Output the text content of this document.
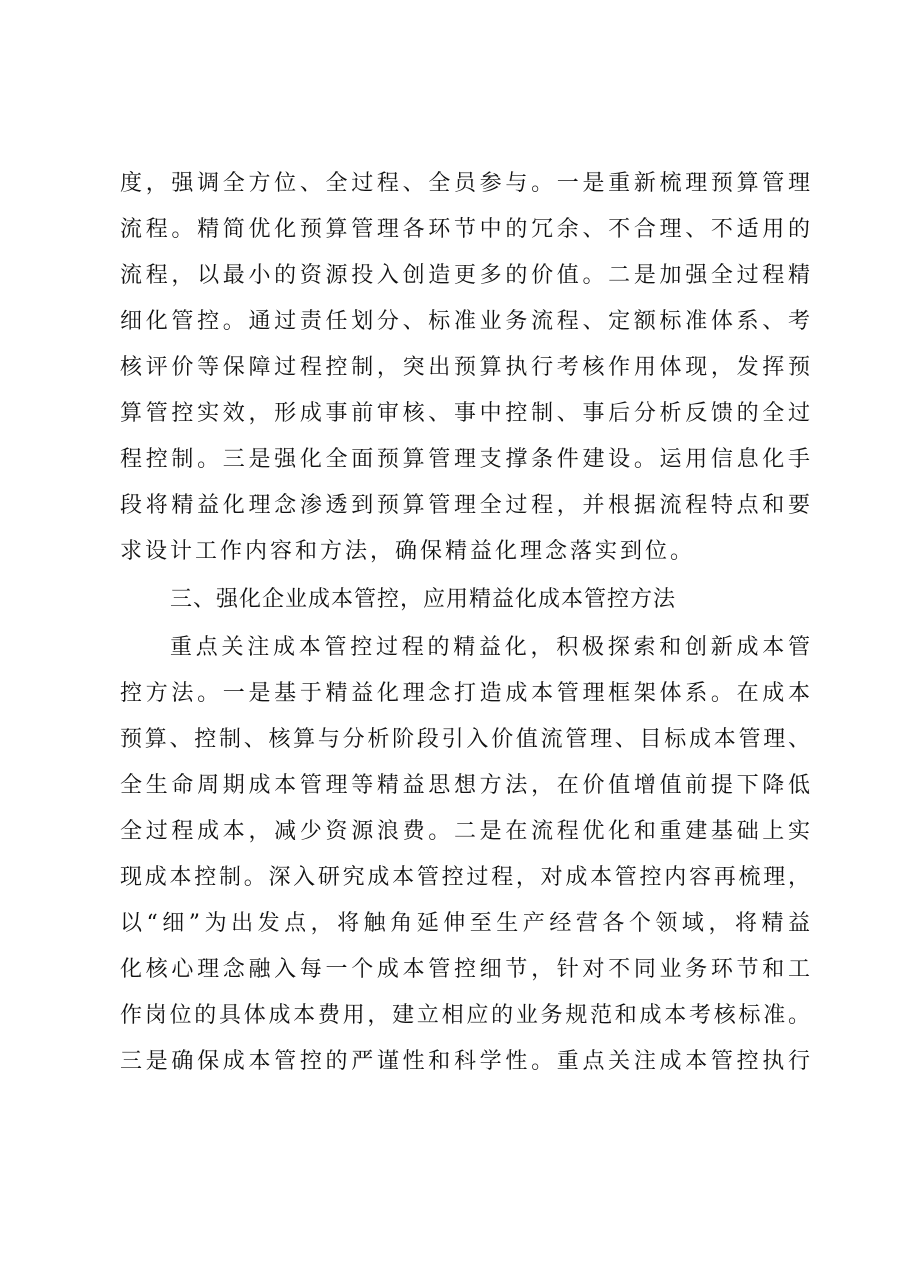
度，强调全方位、全过程、全员参与。一是重新梳理预算管理
流程。精简优化预算管理各环节中的冗余、不合理、不适用的
流程，以最小的资源投入创造更多的价值。二是加强全过程精
细化管控。通过责任划分、标准业务流程、定额标准体系、考
核评价等保障过程控制，突出预算执行考核作用体现，发挥预
算管控实效，形成事前审核、事中控制、事后分析反馈的全过
程控制。三是强化全面预算管理支撑条件建设。运用信息化手
段将精益化理念渗透到预算管理全过程，并根据流程特点和要
求设计工作内容和方法，确保精益化理念落实到位。
三、强化企业成本管控，应用精益化成本管控方法
重点关注成本管控过程的精益化，积极探索和创新成本管
控方法。一是基于精益化理念打造成本管理框架体系。在成本
预算、控制、核算与分析阶段引入价值流管理、目标成本管理、
全生命周期成本管理等精益思想方法，在价值增值前提下降低
全过程成本，减少资源浪费。二是在流程优化和重建基础上实
现成本控制。深入研究成本管控过程，对成本管控内容再梳理，
以“细”为出发点，将触角延伸至生产经营各个领域，将精益
化核心理念融入每一个成本管控细节，针对不同业务环节和工
作岗位的具体成本费用，建立相应的业务规范和成本考核标准。
三是确保成本管控的严谨性和科学性。重点关注成本管控执行
